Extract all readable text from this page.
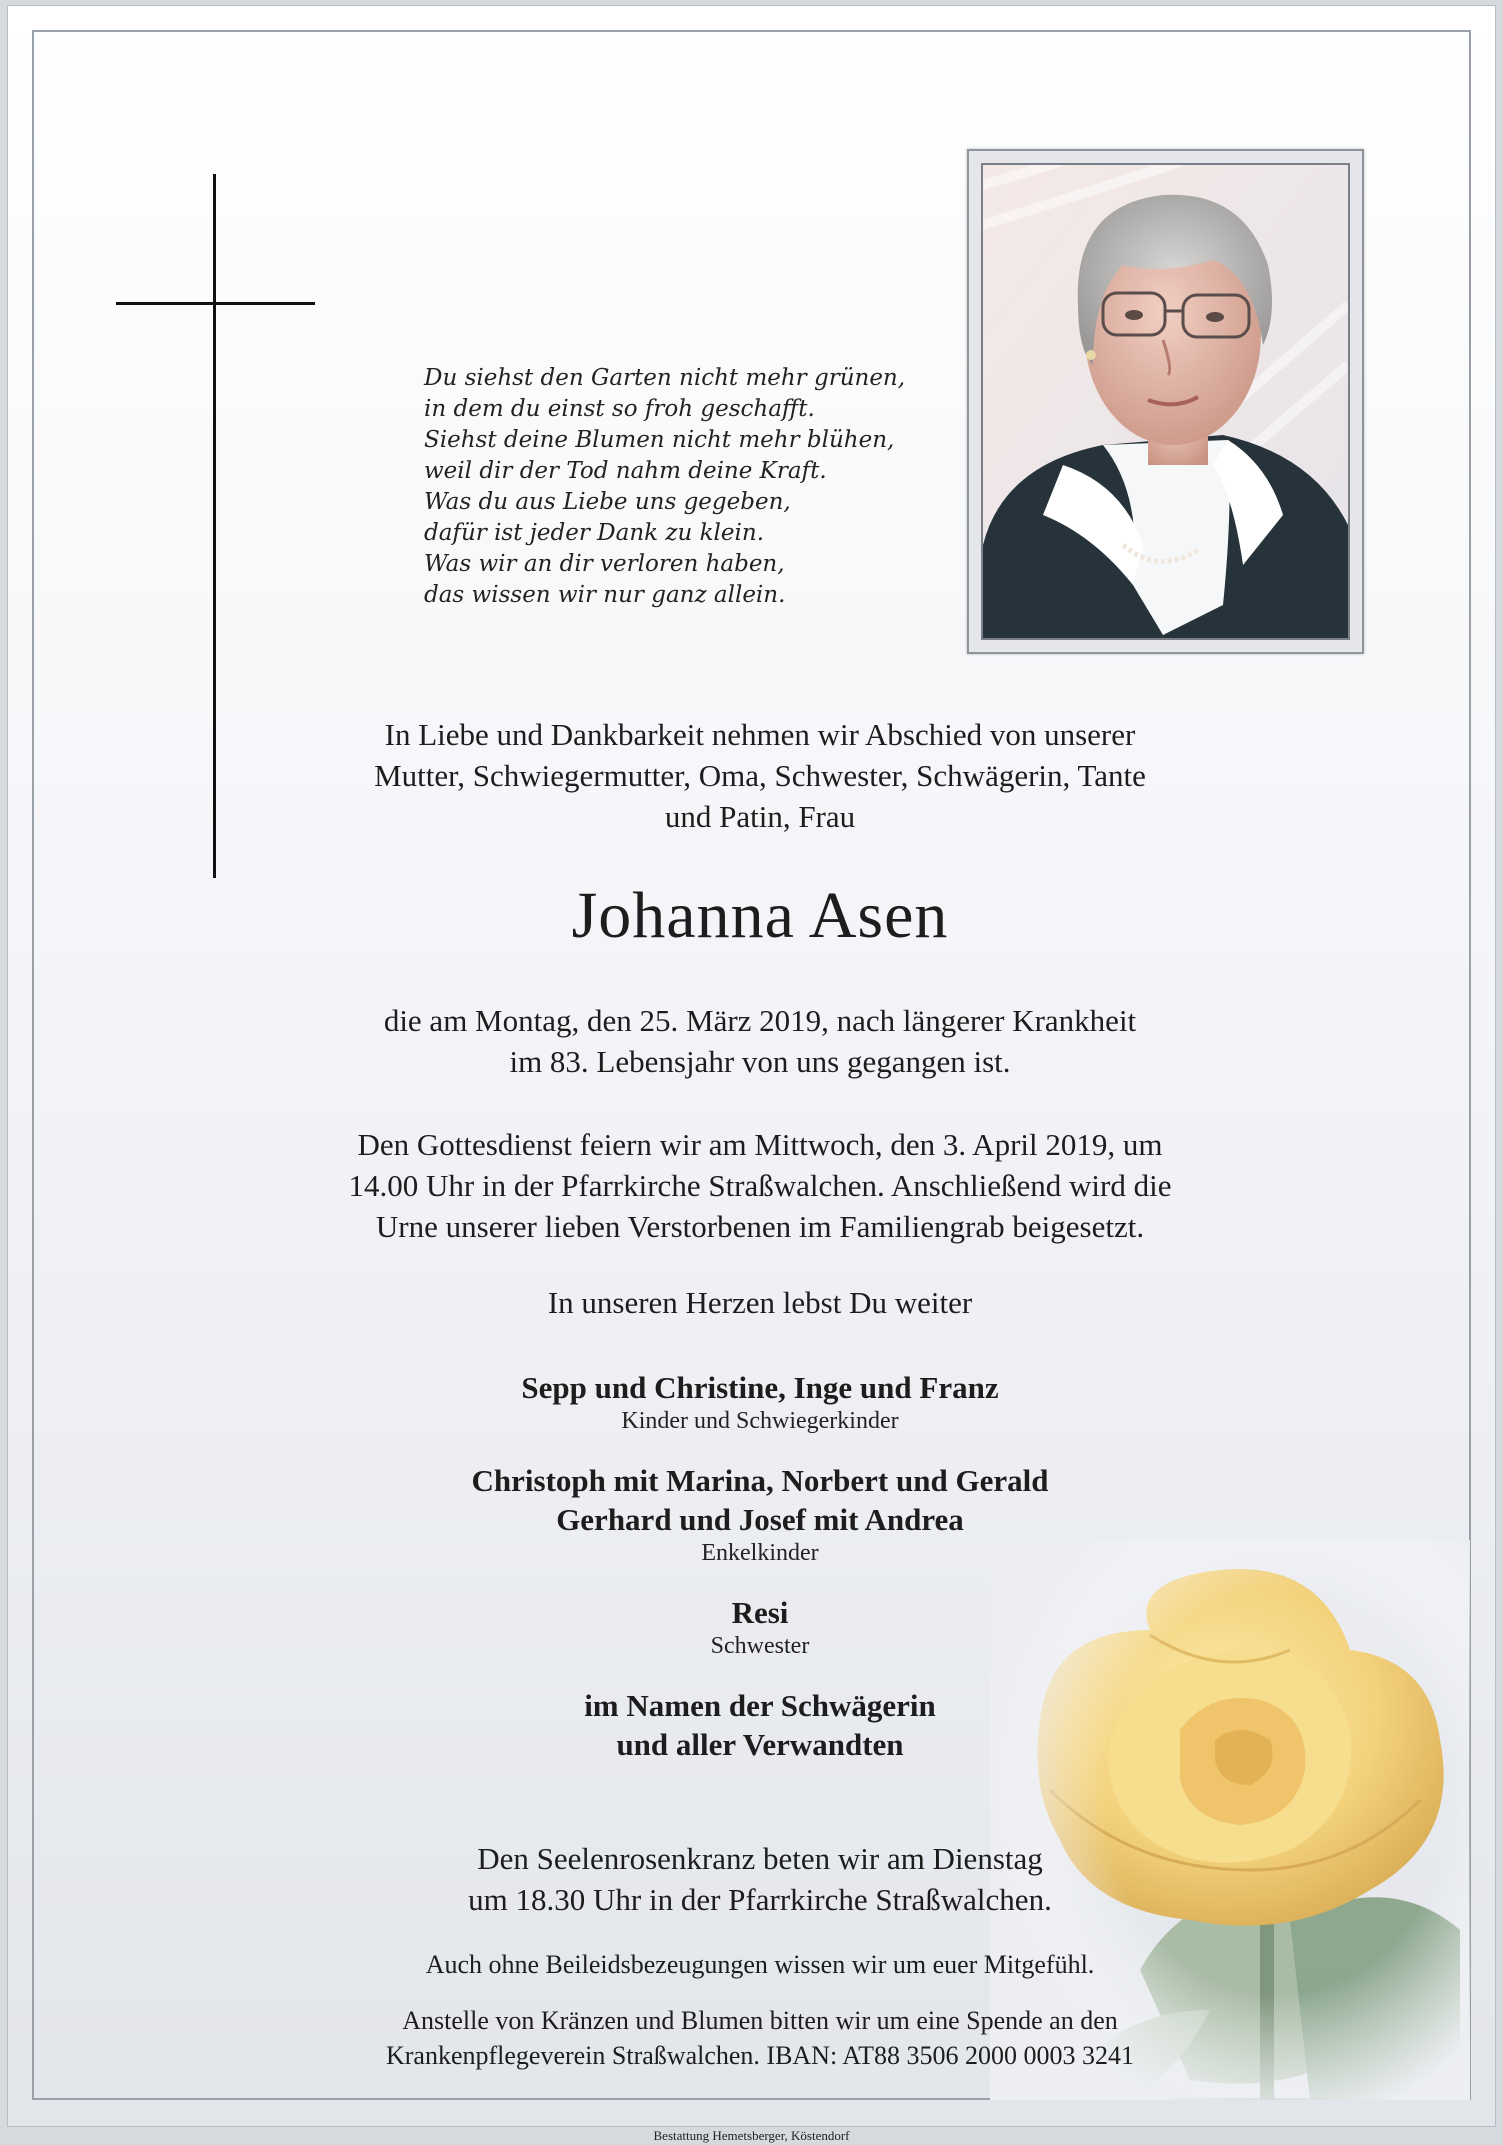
Du siehst den Garten nicht mehr grünen,
in dem du einst so froh geschafft.
Siehst deine Blumen nicht mehr blühen,
weil dir der Tod nahm deine Kraft.
Was du aus Liebe uns gegeben,
dafür ist jeder Dank zu klein.
Was wir an dir verloren haben,
das wissen wir nur ganz allein.
In Liebe und Dankbarkeit nehmen wir Abschied von unserer
Mutter, Schwiegermutter, Oma, Schwester, Schwägerin, Tante
und Patin, Frau
Johanna Asen
die am Montag, den 25. März 2019, nach längerer Krankheit
im 83. Lebensjahr von uns gegangen ist.
Den Gottesdienst feiern wir am Mittwoch, den 3. April 2019, um
14.00 Uhr in der Pfarrkirche Straßwalchen. Anschließend wird die
Urne unserer lieben Verstorbenen im Familiengrab beigesetzt.
In unseren Herzen lebst Du weiter
Sepp und Christine, Inge und Franz
Kinder und Schwiegerkinder
Christoph mit Marina, Norbert und Gerald
Gerhard und Josef mit Andrea
Enkelkinder
Resi
Schwester
im Namen der Schwägerin
und aller Verwandten
Den Seelenrosenkranz beten wir am Dienstag
um 18.30 Uhr in der Pfarrkirche Straßwalchen.
Auch ohne Beileidsbezeugungen wissen wir um euer Mitgefühl.
Anstelle von Kränzen und Blumen bitten wir um eine Spende an den
Krankenpflegeverein Straßwalchen. IBAN: AT88 3506 2000 0003 3241
Bestattung Hemetsberger, Köstendorf
